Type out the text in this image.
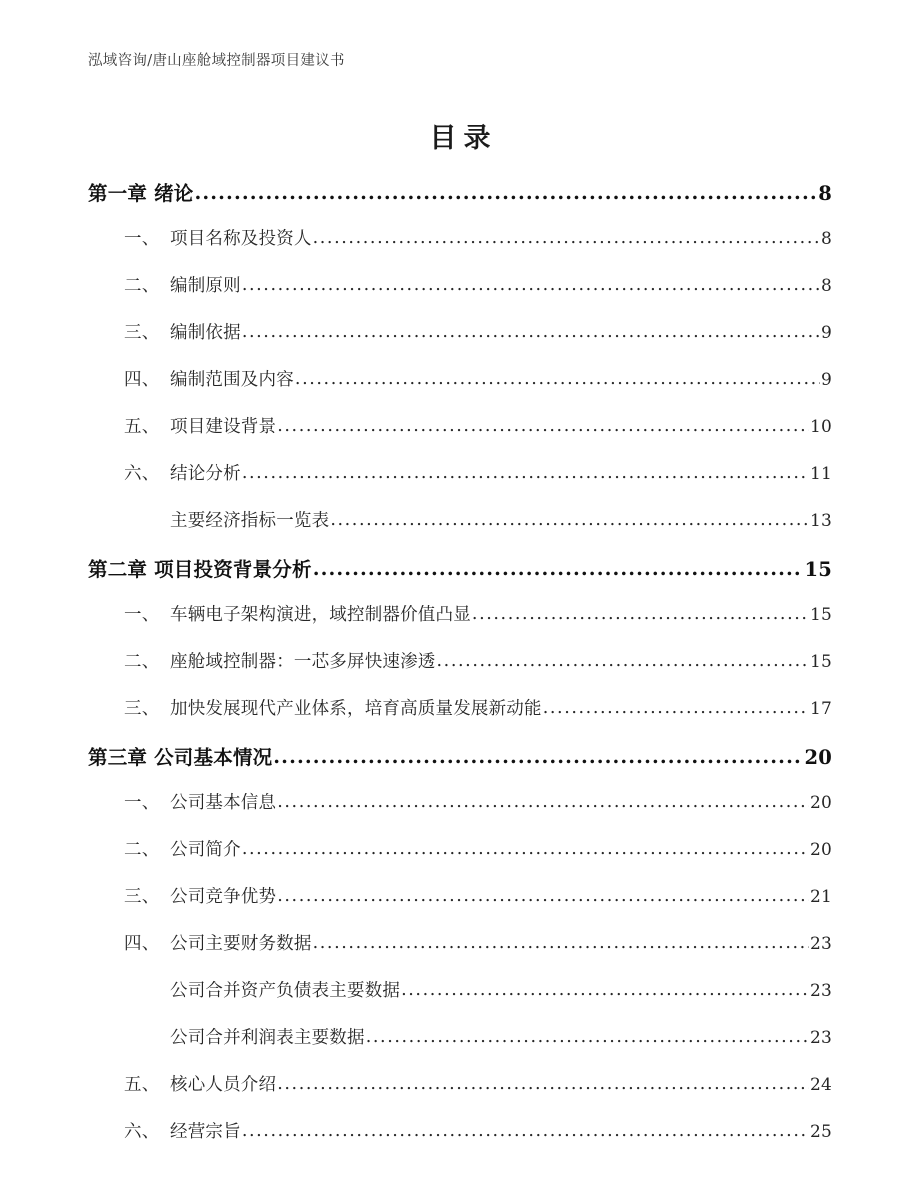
泓域咨询/唐山座舱域控制器项目建议书
目录
第一章 绪论 .....	8
一、 项目名称及投资人 .....	8
二、 编制原则 .....	8
三、 编制依据 .....	9
四、 编制范围及内容 .....	9
五、 项目建设背景 .....	10
六、 结论分析 .....	11
主要经济指标一览表 .....	13
第二章 项目投资背景分析 .....	15
一、 车辆电子架构演进，域控制器价值凸显 .....	15
二、 座舱域控制器：一芯多屏快速渗透 .....	15
三、 加快发展现代产业体系，培育高质量发展新动能 .....	17
第三章 公司基本情况 .....	20
一、 公司基本信息 .....	20
二、 公司简介 .....	20
三、 公司竞争优势 .....	21
四、 公司主要财务数据 .....	23
公司合并资产负债表主要数据 .....	23
公司合并利润表主要数据 .....	23
五、 核心人员介绍 .....	24
六、 经营宗旨 .....	25
